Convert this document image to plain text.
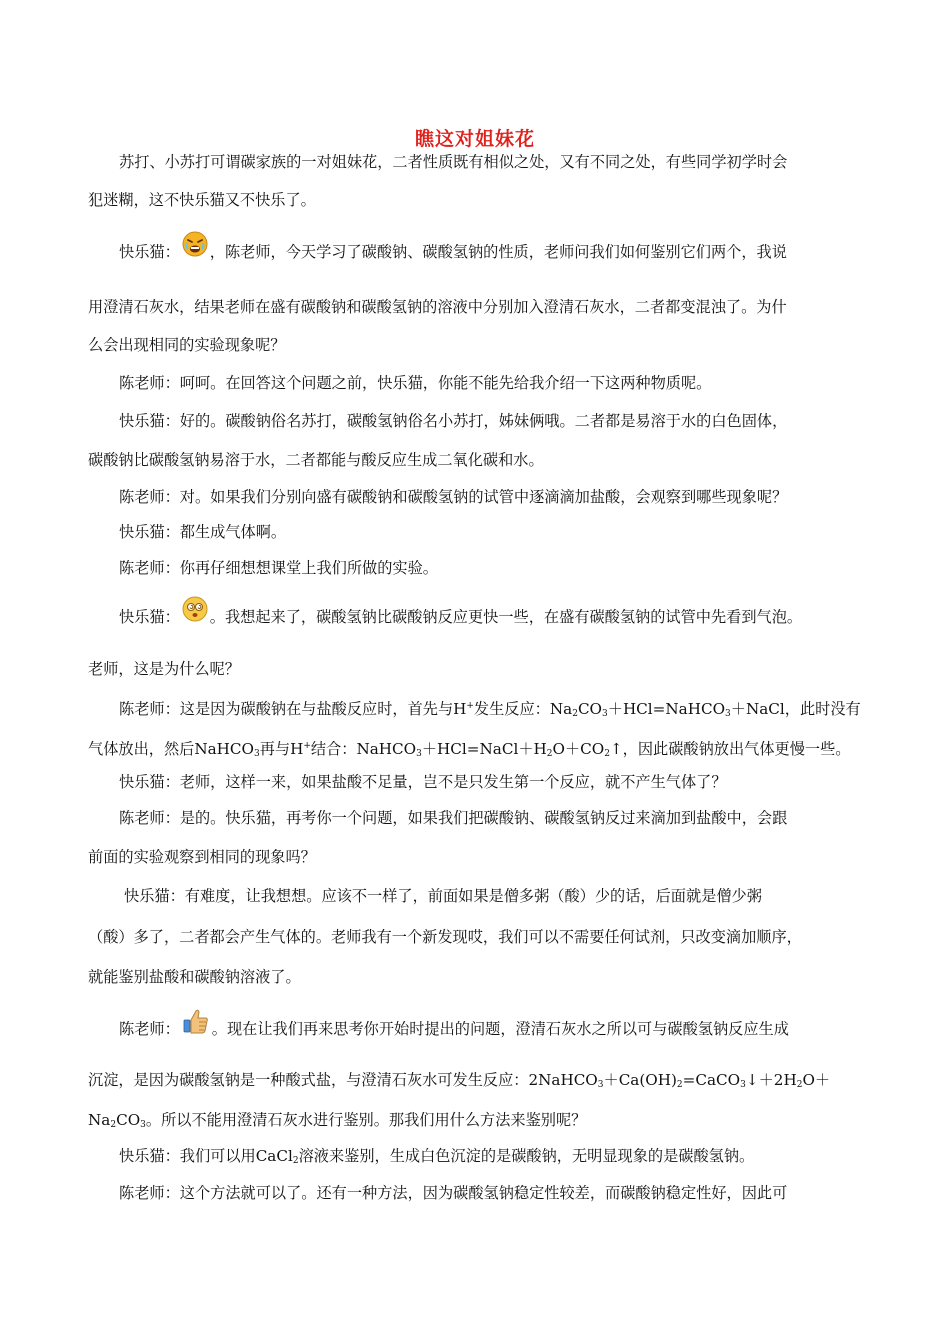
瞧这对姐妹花
苏打、小苏打可谓碳家族的一对姐妹花，二者性质既有相似之处，又有不同之处，有些同学初学时会
犯迷糊，这不快乐猫又不快乐了。
快乐猫： ，陈老师，今天学习了碳酸钠、碳酸氢钠的性质，老师问我们如何鉴别它们两个，我说
用澄清石灰水，结果老师在盛有碳酸钠和碳酸氢钠的溶液中分别加入澄清石灰水，二者都变混浊了。为什
么会出现相同的实验现象呢？
陈老师：呵呵。在回答这个问题之前，快乐猫，你能不能先给我介绍一下这两种物质呢。
快乐猫：好的。碳酸钠俗名苏打，碳酸氢钠俗名小苏打，姊妹俩哦。二者都是易溶于水的白色固体，
碳酸钠比碳酸氢钠易溶于水，二者都能与酸反应生成二氧化碳和水。
陈老师：对。如果我们分别向盛有碳酸钠和碳酸氢钠的试管中逐滴滴加盐酸，会观察到哪些现象呢？
快乐猫：都生成气体啊。
陈老师：你再仔细想想课堂上我们所做的实验。
快乐猫： 。我想起来了，碳酸氢钠比碳酸钠反应更快一些，在盛有碳酸氢钠的试管中先看到气泡。
老师，这是为什么呢？
陈老师：这是因为碳酸钠在与盐酸反应时，首先与H+发生反应：$Na_2CO_3+HCl=NaHCO_3+NaCl$，此时没有
气体放出，然后NaHCO$_3$再与H+结合：$NaHCO_3+HCl=NaCl+H_2O+CO_2↑$，因此碳酸钠放出气体更慢一些。
快乐猫：老师，这样一来，如果盐酸不足量，岂不是只发生第一个反应，就不产生气体了？
陈老师：是的。快乐猫，再考你一个问题，如果我们把碳酸钠、碳酸氢钠反过来滴加到盐酸中，会跟
前面的实验观察到相同的现象吗？
快乐猫：有难度，让我想想。应该不一样了，前面如果是僧多粥（酸）少的话，后面就是僧少粥
（酸）多了，二者都会产生气体的。老师我有一个新发现哎，我们可以不需要任何试剂，只改变滴加顺序，
就能鉴别盐酸和碳酸钠溶液了。
陈老师： 。现在让我们再来思考你开始时提出的问题，澄清石灰水之所以可与碳酸氢钠反应生成
沉淀，是因为碳酸氢钠是一种酸式盐，与澄清石灰水可发生反应：$2NaHCO_3+Ca(OH)_2=CaCO_3↓+2H_2O+$
$Na_2CO_3$。所以不能用澄清石灰水进行鉴别。那我们用什么方法来鉴别呢？
快乐猫：我们可以用CaCl$_2$溶液来鉴别，生成白色沉淀的是碳酸钠，无明显现象的是碳酸氢钠。
陈老师：这个方法就可以了。还有一种方法，因为碳酸氢钠稳定性较差，而碳酸钠稳定性好，因此可
